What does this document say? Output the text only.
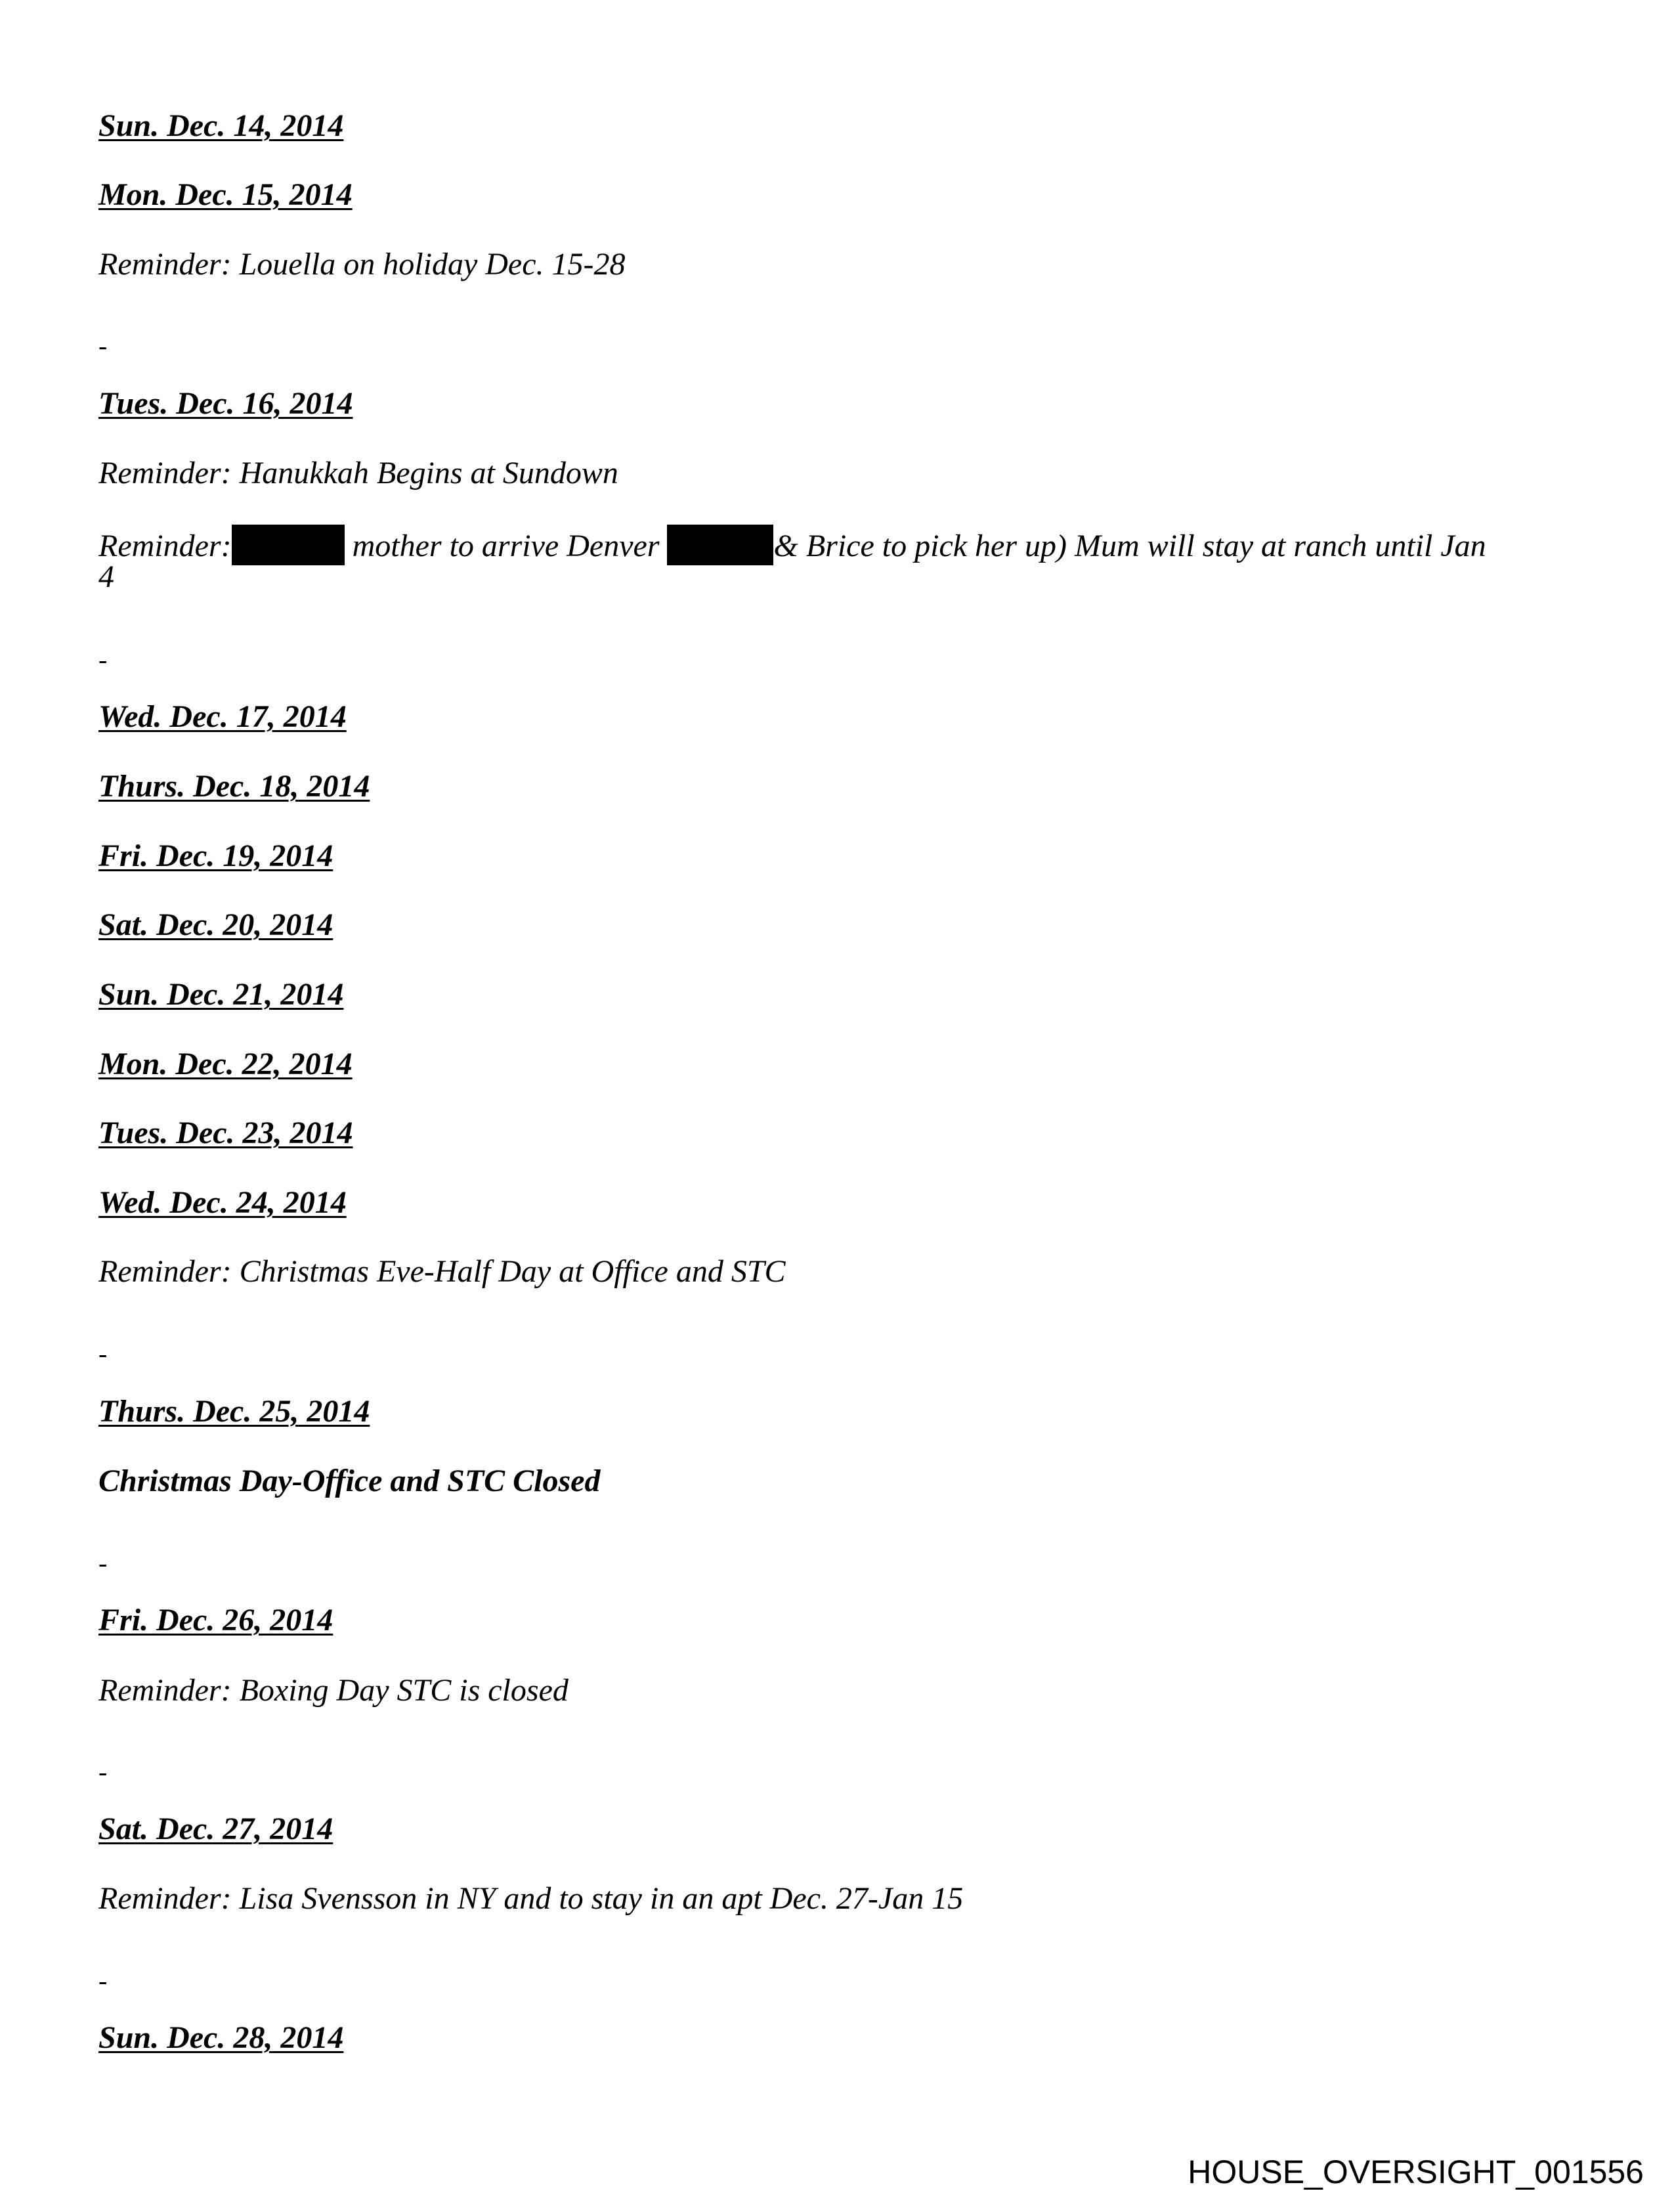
Sun. Dec. 14, 2014
Mon. Dec. 15, 2014
Reminder: Louella on holiday Dec. 15-28
-
Tues. Dec. 16, 2014
Reminder: Hanukkah Begins at Sundown
4
Reminder:	mother to arrive Denver	& Brice to pick her up) Mum will stay at ranch until Jan
-
Wed. Dec. 17, 2014
Thurs. Dec. 18, 2014
Fri. Dec. 19, 2014
Sat. Dec. 20, 2014
Sun. Dec. 21, 2014
Mon. Dec. 22, 2014
Tues. Dec. 23, 2014
Wed. Dec. 24, 2014
Reminder: Christmas Eve-Half Day at Office and STC
-
Thurs. Dec. 25, 2014
Christmas Day-Office and STC Closed
-
Fri. Dec. 26, 2014
Reminder: Boxing Day STC is closed
-
Sat. Dec. 27, 2014
Reminder: Lisa Svensson in NY and to stay in an apt Dec. 27-Jan 15
-
Sun. Dec. 28, 2014
HOUSE_OVERSIGHT_001556
